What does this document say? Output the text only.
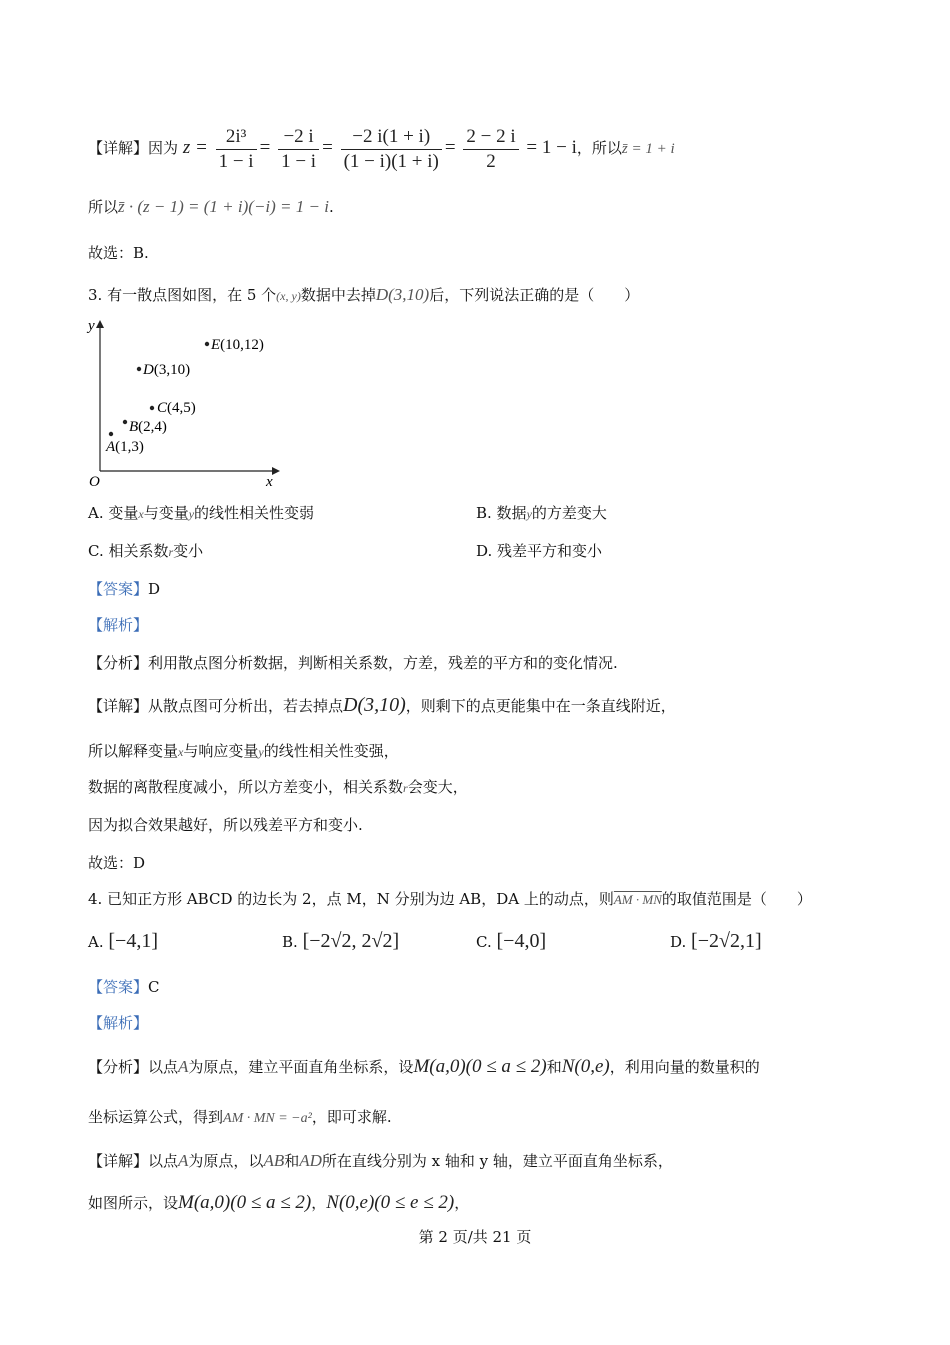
【详解】因为 $z = \frac{\text{2i³}}{1 - i} = \frac{-2 i}{1 - i} = \frac{-2 i(1 + i)}{(1 - i)(1 + i)} = \frac{2 - 2 i}{2} = 1 - i$，所以z̄ = 1 + i
所以z̄ · (z − 1) = (1 + i)(−i) = 1 − i.
故选：B.
3. 有一散点图如图，在 5 个(x, y)数据中去掉D(3,10)后，下列说法正确的是（　　）
y
x
O
A(1,3)
B(2,4)
C(4,5)
D(3,10)
E(10,12)
A. 变量x与变量y的线性相关性变弱	B. 数据y的方差变大
C. 相关系数r变小	D. 残差平方和变小
【答案】D
【解析】
【分析】利用散点图分析数据，判断相关系数，方差，残差的平方和的变化情况.
【详解】从散点图可分析出，若去掉点D(3,10)，则剩下的点更能集中在一条直线附近，
所以解释变量x与响应变量y的线性相关性变强，
数据的离散程度减小，所以方差变小，相关系数r会变大，
因为拟合效果越好，所以残差平方和变小.
故选：D
4. 已知正方形 ABCD 的边长为 2，点 M，N 分别为边 AB，DA 上的动点，则AM · MN的取值范围是（　　）
A. [−4,1]	B. [−2√2, 2√2]	C. [−4,0]	D. [−2√2,1]
【答案】C
【解析】
【分析】以点A为原点，建立平面直角坐标系，设M(a,0)(0 ≤ a ≤ 2)和N(0,e)，利用向量的数量积的
坐标运算公式，得到AM · MN = −a²，即可求解.
【详解】以点A为原点，以AB和AD所在直线分别为 x 轴和 y 轴，建立平面直角坐标系，
如图所示，设M(a,0)(0 ≤ a ≤ 2)，N(0,e)(0 ≤ e ≤ 2)，
第 2 页/共 21 页
